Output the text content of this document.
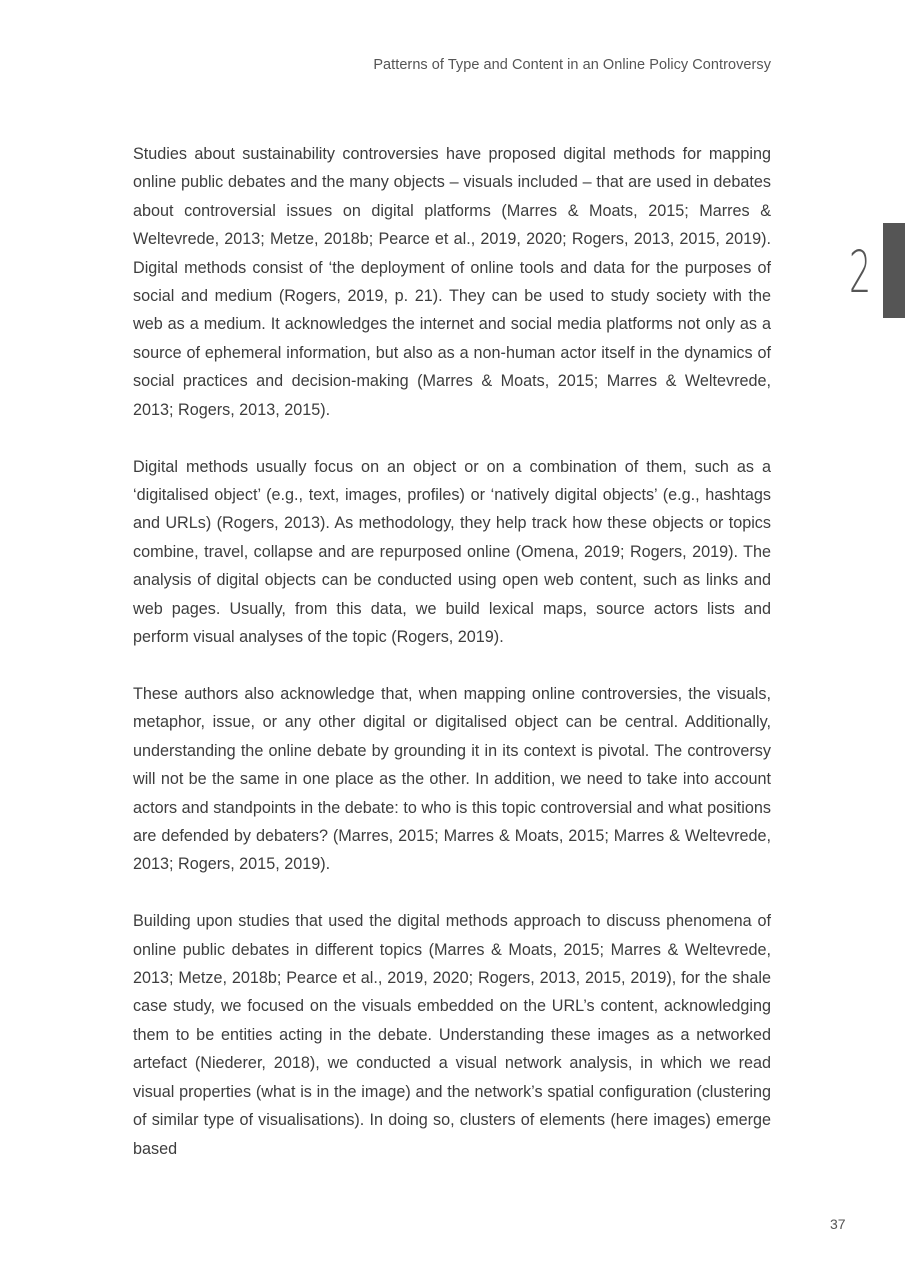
Patterns of Type and Content in an Online Policy Controversy
2

Studies about sustainability controversies have proposed digital methods for mapping online public debates and the many objects – visuals included – that are used in debates about controversial issues on digital platforms (Marres & Moats, 2015; Marres & Weltevrede, 2013; Metze, 2018b; Pearce et al., 2019, 2020; Rogers, 2013, 2015, 2019). Digital methods consist of ‘the deployment of online tools and data for the purposes of social and medium (Rogers, 2019, p. 21). They can be used to study society with the web as a medium. It acknowledges the internet and social media platforms not only as a source of ephemeral information, but also as a non-human actor itself in the dynamics of social practices and decision-making (Marres & Moats, 2015; Marres & Weltevrede, 2013; Rogers, 2013, 2015).

Digital methods usually focus on an object or on a combination of them, such as a ‘digitalised object’ (e.g., text, images, profiles) or ‘natively digital objects’ (e.g., hashtags and URLs) (Rogers, 2013). As methodology, they help track how these objects or topics combine, travel, collapse and are repurposed online (Omena, 2019; Rogers, 2019). The analysis of digital objects can be conducted using open web content, such as links and web pages. Usually, from this data, we build lexical maps, source actors lists and perform visual analyses of the topic (Rogers, 2019).

These authors also acknowledge that, when mapping online controversies, the visuals, metaphor, issue, or any other digital or digitalised object can be central. Additionally, understanding the online debate by grounding it in its context is pivotal. The controversy will not be the same in one place as the other. In addition, we need to take into account actors and standpoints in the debate: to who is this topic controversial and what positions are defended by debaters? (Marres, 2015; Marres & Moats, 2015; Marres & Weltevrede, 2013; Rogers, 2015, 2019).

Building upon studies that used the digital methods approach to discuss phenomena of online public debates in different topics (Marres & Moats, 2015; Marres & Weltevrede, 2013; Metze, 2018b; Pearce et al., 2019, 2020; Rogers, 2013, 2015, 2019), for the shale case study, we focused on the visuals embedded on the URL’s content, acknowledging them to be entities acting in the debate. Understanding these images as a networked artefact (Niederer, 2018), we conducted a visual network analysis, in which we read visual properties (what is in the image) and the network’s spatial configuration (clustering of similar type of visualisations). In doing so, clusters of elements (here images) emerge based

37
